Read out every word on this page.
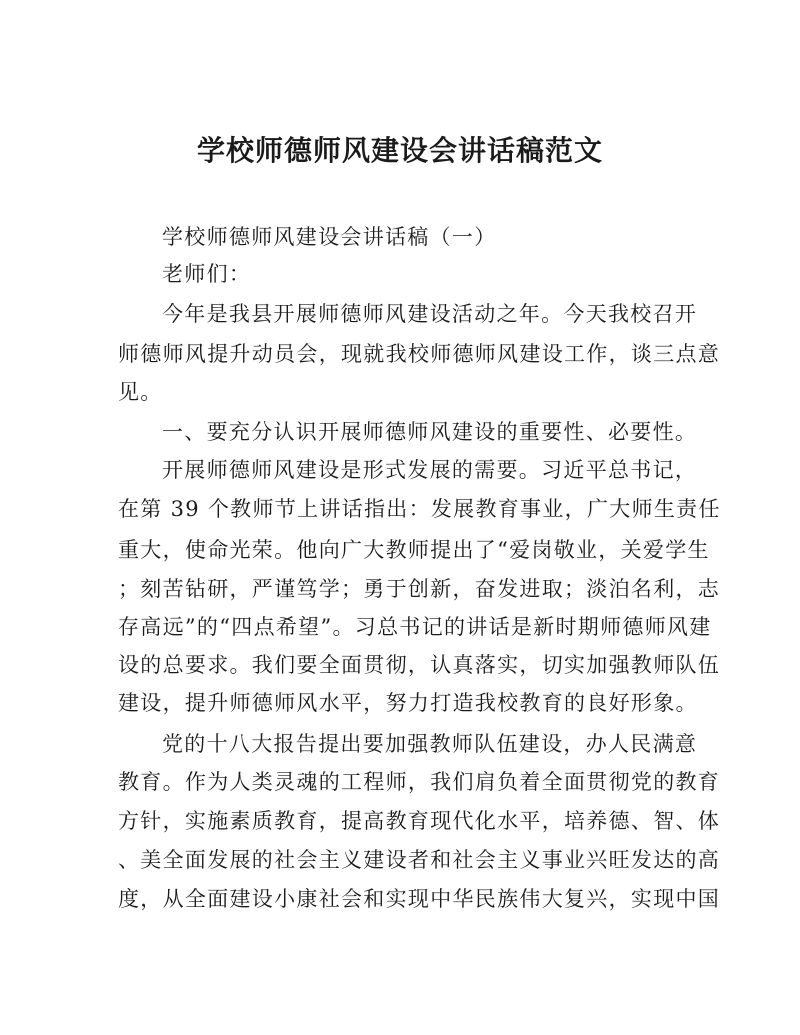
学校师德师风建设会讲话稿范文

学校师德师风建设会讲话稿（一）

老师们：

今年是我县开展师德师风建设活动之年。今天我校召开

师德师风提升动员会，现就我校师德师风建设工作，谈三点意

见。

一、要充分认识开展师德师风建设的重要性、必要性。

开展师德师风建设是形式发展的需要。习近平总书记，

在第 39 个教师节上讲话指出：发展教育事业，广大师生责任

重大，使命光荣。他向广大教师提出了“爱岗敬业，关爱学生

；刻苦钻研，严谨笃学；勇于创新，奋发进取；淡泊名利，志

存高远”的“四点希望”。习总书记的讲话是新时期师德师风建

设的总要求。我们要全面贯彻，认真落实，切实加强教师队伍

建设，提升师德师风水平，努力打造我校教育的良好形象。

党的十八大报告提出要加强教师队伍建设，办人民满意

教育。作为人类灵魂的工程师，我们肩负着全面贯彻党的教育

方针，实施素质教育，提高教育现代化水平，培养德、智、体

、美全面发展的社会主义建设者和社会主义事业兴旺发达的高

度，从全面建设小康社会和实现中华民族伟大复兴，实现中国
